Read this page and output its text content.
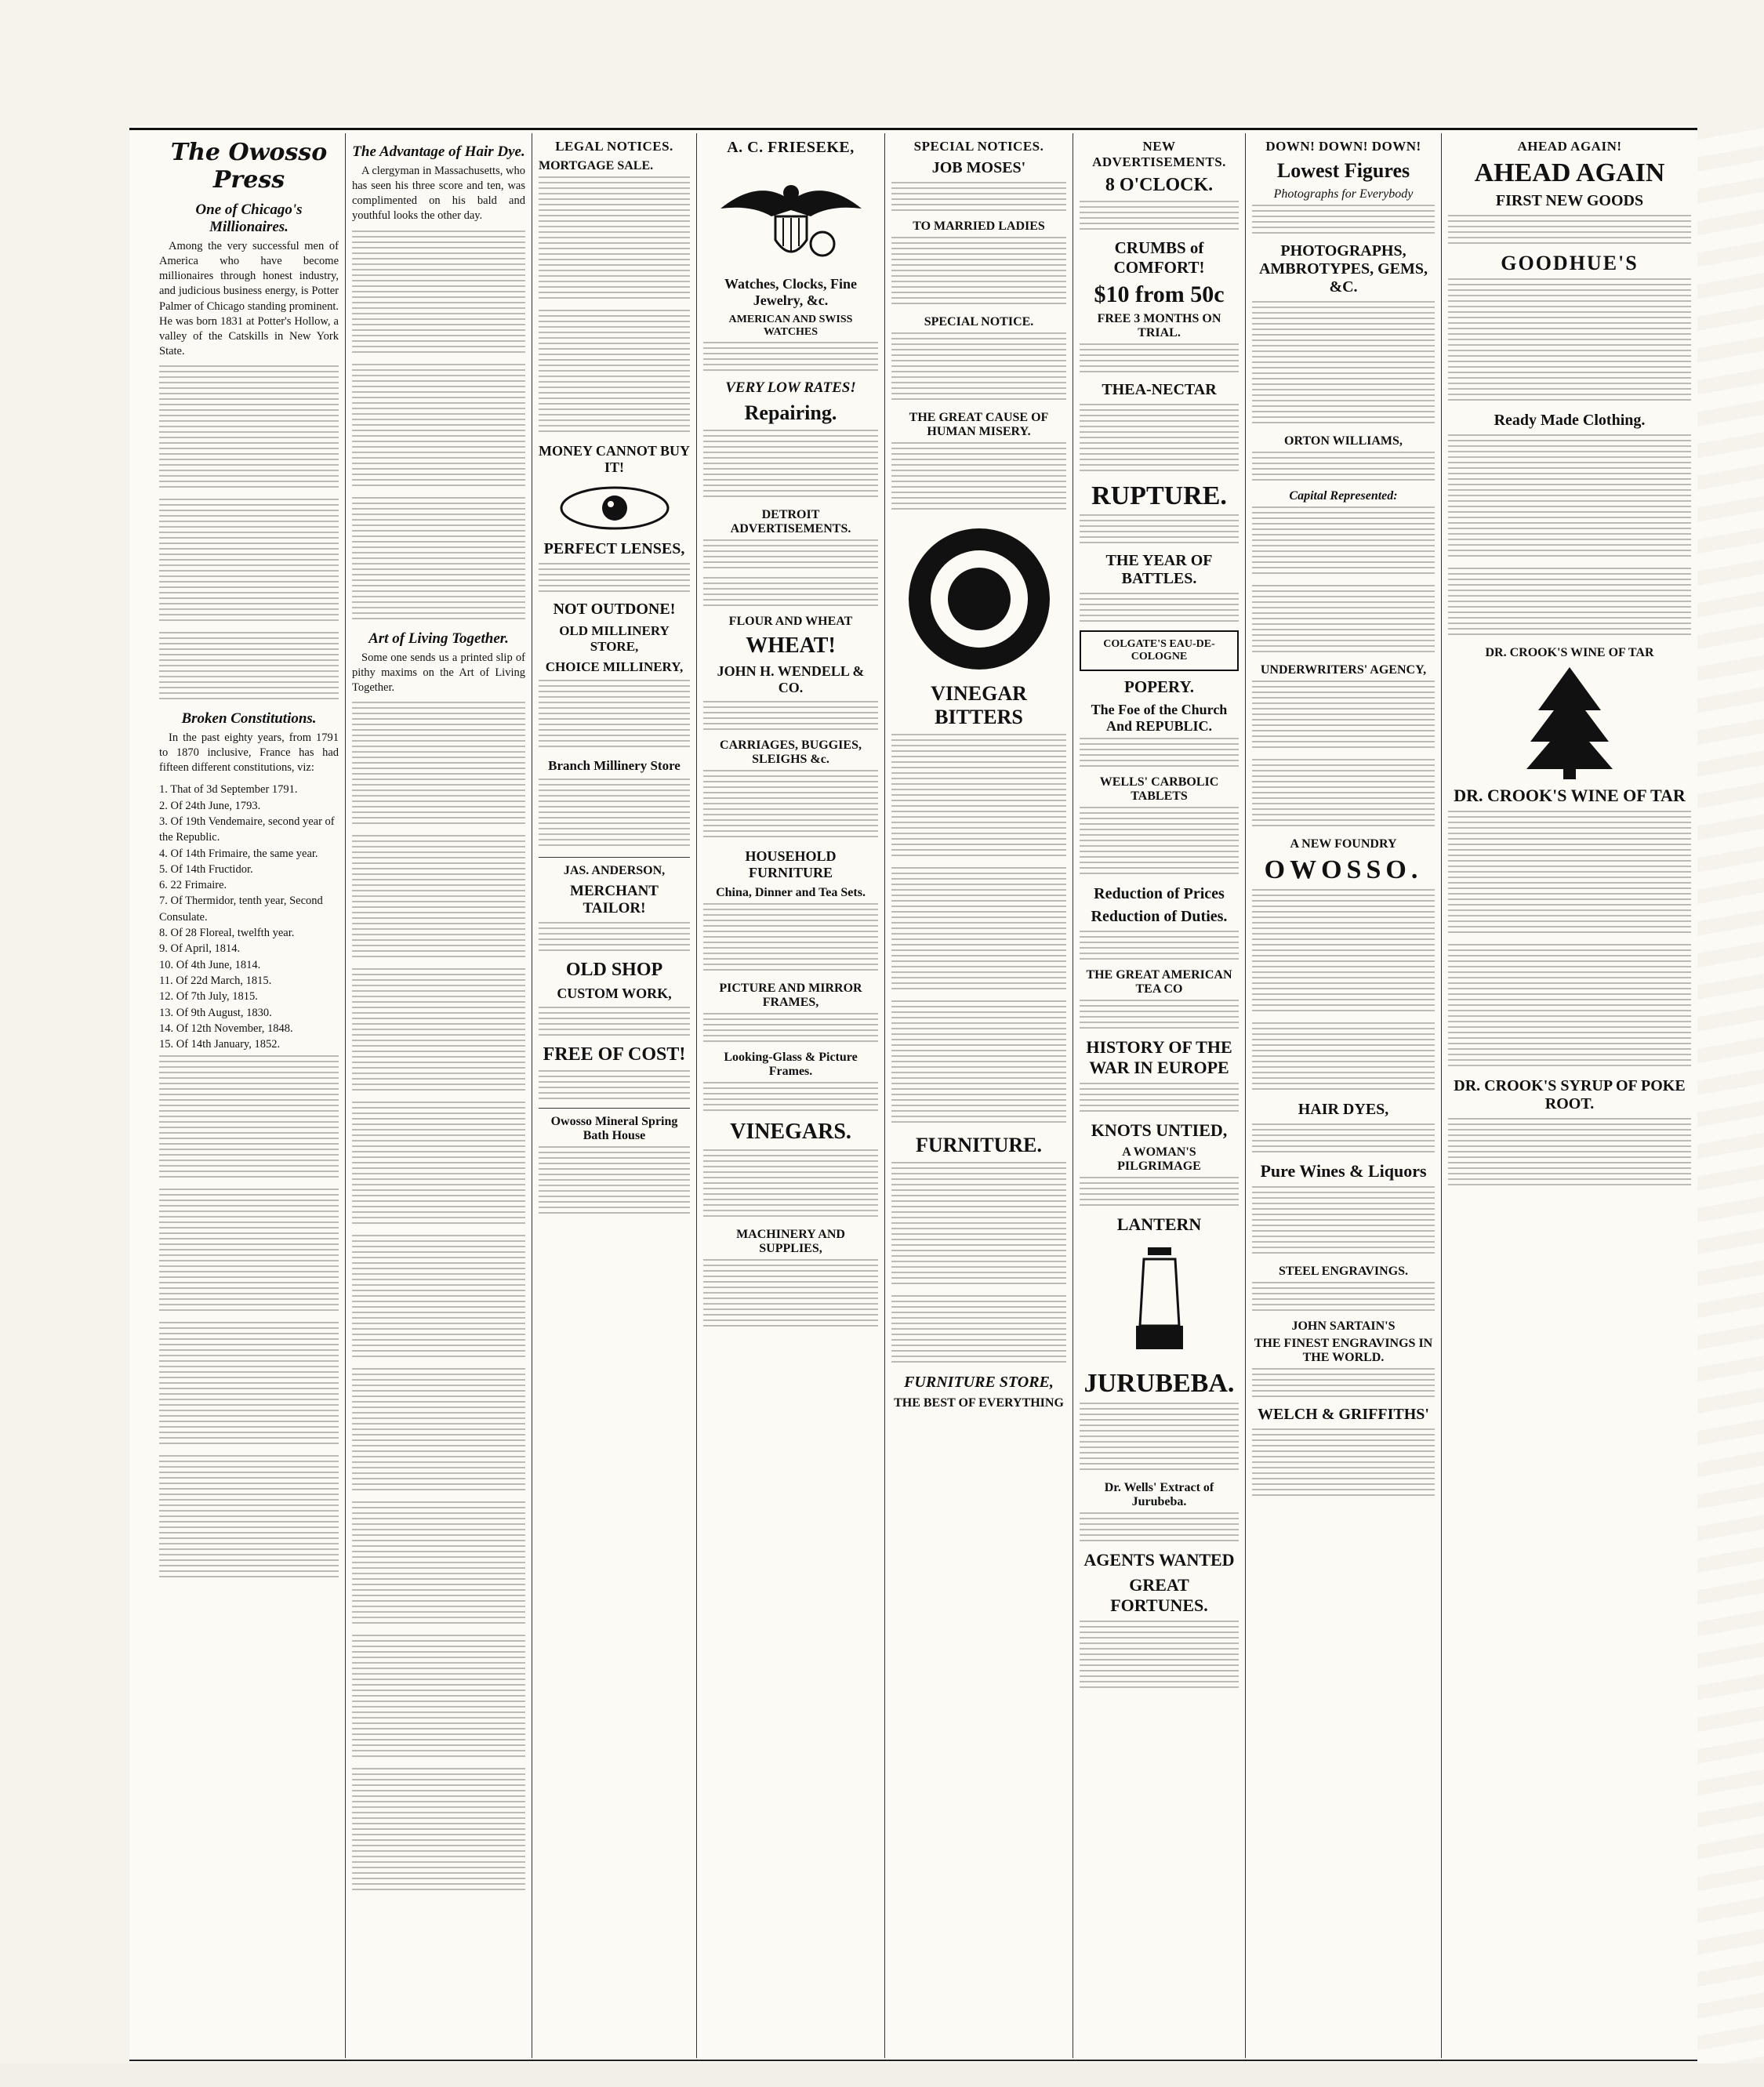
The Owosso Press
One of Chicago's Millionaires.

Among the very successful men of America who have become millionaires through honest industry, and judicious business energy, is Potter Palmer of Chicago standing prominent. He was born 1831 at Potter's Hollow, a valley of the Catskills in New York State.

Broken Constitutions.

In the past eighty years, from 1791 to 1870 inclusive, France has had fifteen different constitutions, viz:

1. That of 3d September 1791.

2. Of 24th June, 1793.

3. Of 19th Vendemaire, second year of the Republic.

4. Of 14th Frimaire, the same year.

5. Of 14th Fructidor.

6. 22 Frimaire.

7. Of Thermidor, tenth year, Second Consulate.

8. Of 28 Floreal, twelfth year.

9. Of April, 1814.

10. Of 4th June, 1814.

11. Of 22d March, 1815.

12. Of 7th July, 1815.

13. Of 9th August, 1830.

14. Of 12th November, 1848.

15. Of 14th January, 1852.

The Advantage of Hair Dye.

A clergyman in Massachusetts, who has seen his three score and ten, was complimented on his bald and youthful looks the other day.

Art of Living Together.

Some one sends us a printed slip of pithy maxims on the Art of Living Together.

LEGAL NOTICES.
MORTGAGE SALE.
MONEY CANNOT BUY IT!
PERFECT LENSES,
NOT OUTDONE!
OLD MILLINERY STORE,
CHOICE MILLINERY,
Branch Millinery Store
JAS. ANDERSON,
MERCHANT TAILOR!
OLD SHOP
CUSTOM WORK,
FREE OF COST!
Owosso Mineral Spring Bath House
A. C. FRIESEKE,
Watches, Clocks, Fine Jewelry, &c.
AMERICAN AND SWISS WATCHES
VERY LOW RATES!
Repairing.
DETROIT ADVERTISEMENTS.
FLOUR AND WHEAT
WHEAT!
JOHN H. WENDELL & CO.
CARRIAGES, BUGGIES, SLEIGHS &c.
HOUSEHOLD FURNITURE
China, Dinner and Tea Sets.
PICTURE AND MIRROR FRAMES,
Looking-Glass & Picture Frames.
VINEGARS.
MACHINERY AND SUPPLIES,
SPECIAL NOTICES.
JOB MOSES'
TO MARRIED LADIES
SPECIAL NOTICE.
THE GREAT CAUSE OF HUMAN MISERY.
VINEGAR BITTERS
FURNITURE.
FURNITURE STORE,
THE BEST OF EVERYTHING
NEW ADVERTISEMENTS.
8 O'CLOCK.
CRUMBS of COMFORT!
$10 from 50c
FREE 3 MONTHS ON TRIAL.
THEA-NECTAR
RUPTURE.
THE YEAR OF BATTLES.
COLGATE'S EAU-DE-COLOGNE
POPERY.
The Foe of the Church And REPUBLIC.
WELLS' CARBOLIC TABLETS
Reduction of Prices
Reduction of Duties.
THE GREAT AMERICAN TEA CO
HISTORY OF THE WAR IN EUROPE
KNOTS UNTIED,
A WOMAN'S PILGRIMAGE
LANTERN
JURUBEBA.
Dr. Wells' Extract of Jurubeba.
AGENTS WANTED
GREAT FORTUNES.
DOWN! DOWN! DOWN!
Lowest Figures
Photographs for Everybody
PHOTOGRAPHS, AMBROTYPES, GEMS, &C.
ORTON WILLIAMS,
Capital Represented:
UNDERWRITERS' AGENCY,
A NEW FOUNDRY
OWOSSO.
HAIR DYES,
Pure Wines & Liquors
STEEL ENGRAVINGS.
JOHN SARTAIN'S
THE FINEST ENGRAVINGS IN THE WORLD.
WELCH & GRIFFITHS'
AHEAD AGAIN!
AHEAD AGAIN
FIRST NEW GOODS
GOODHUE'S
Ready Made Clothing.
DR. CROOK'S WINE OF TAR
DR. CROOK'S WINE OF TAR
DR. CROOK'S SYRUP OF POKE ROOT.
